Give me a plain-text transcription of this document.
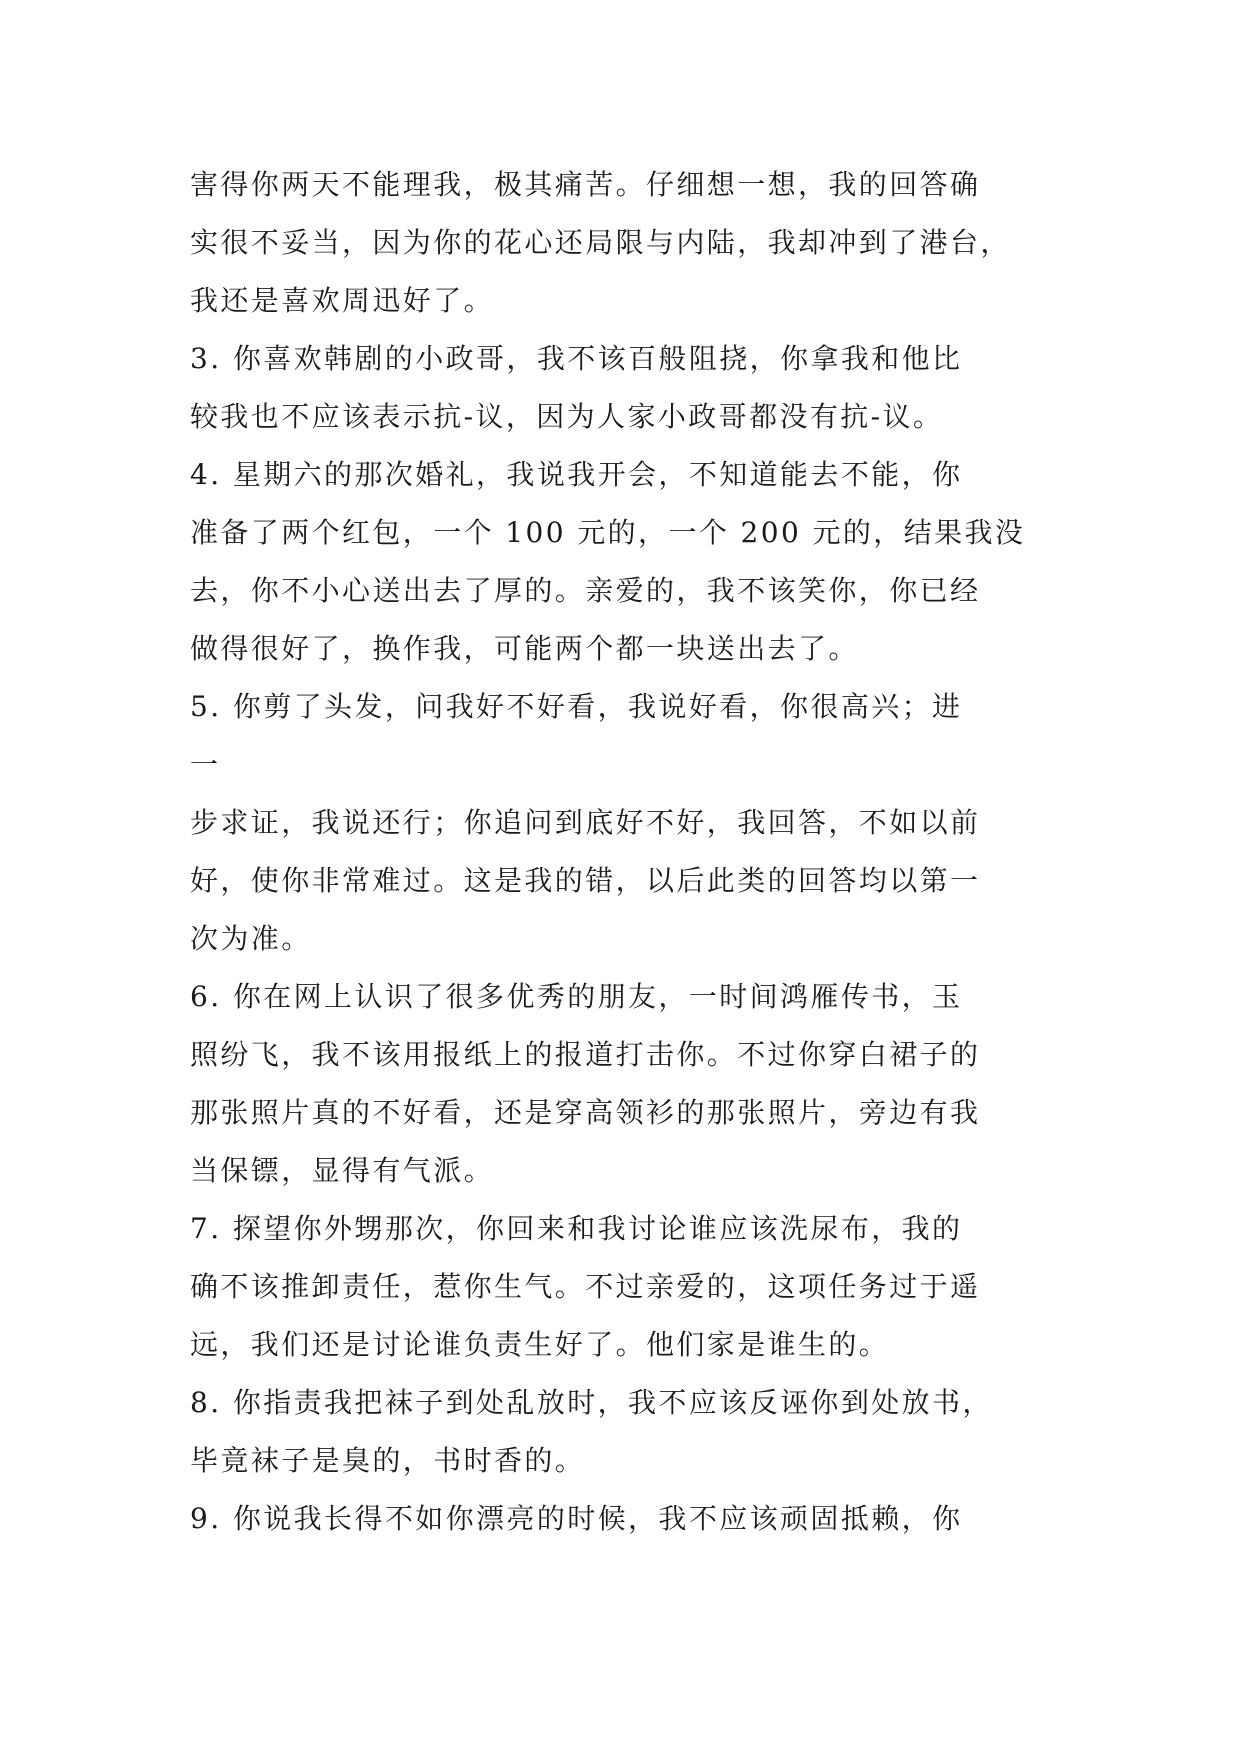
害得你两天不能理我，极其痛苦。仔细想一想，我的回答确
实很不妥当，因为你的花心还局限与内陆，我却冲到了港台，
我还是喜欢周迅好了。
3. 你喜欢韩剧的小政哥，我不该百般阻挠，你拿我和他比
较我也不应该表示抗-议，因为人家小政哥都没有抗-议。
4. 星期六的那次婚礼，我说我开会，不知道能去不能，你
准备了两个红包，一个 100 元的，一个 200 元的，结果我没
去，你不小心送出去了厚的。亲爱的，我不该笑你，你已经
做得很好了，换作我，可能两个都一块送出去了。
5. 你剪了头发，问我好不好看，我说好看，你很高兴；进
一
步求证，我说还行；你追问到底好不好，我回答，不如以前
好，使你非常难过。这是我的错，以后此类的回答均以第一
次为准。
6. 你在网上认识了很多优秀的朋友，一时间鸿雁传书，玉
照纷飞，我不该用报纸上的报道打击你。不过你穿白裙子的
那张照片真的不好看，还是穿高领衫的那张照片，旁边有我
当保镖，显得有气派。
7. 探望你外甥那次，你回来和我讨论谁应该洗尿布，我的
确不该推卸责任，惹你生气。不过亲爱的，这项任务过于遥
远，我们还是讨论谁负责生好了。他们家是谁生的。
8. 你指责我把袜子到处乱放时，我不应该反诬你到处放书，
毕竟袜子是臭的，书时香的。
9. 你说我长得不如你漂亮的时候，我不应该顽固抵赖，你
